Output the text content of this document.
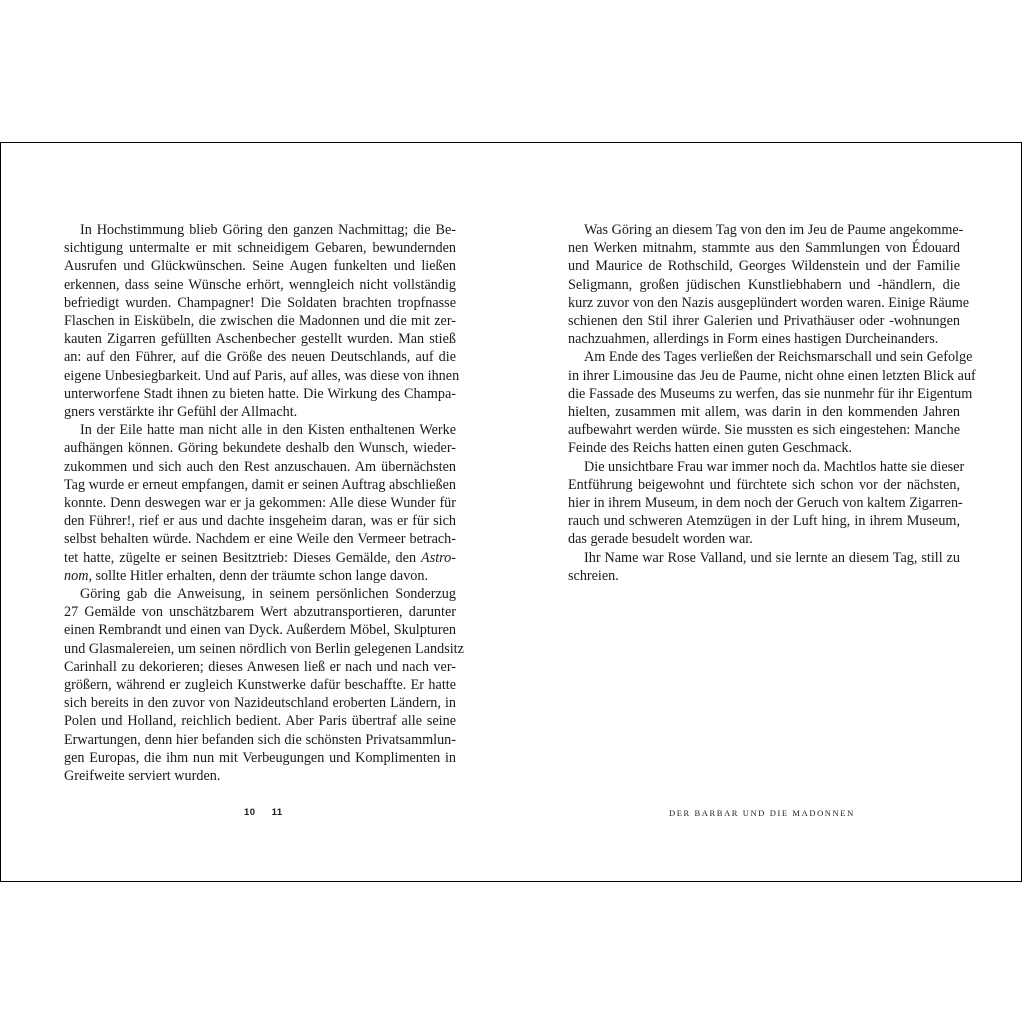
In Hochstimmung blieb Göring den ganzen Nachmittag; die Be-
sichtigung untermalte er mit schneidigem Gebaren, bewundernden
Ausrufen und Glückwünschen. Seine Augen funkelten und ließen
erkennen, dass seine Wünsche erhört, wenngleich nicht vollständig
befriedigt wurden. Champagner! Die Soldaten brachten tropfnasse
Flaschen in Eiskübeln, die zwischen die Madonnen und die mit zer-
kauten Zigarren gefüllten Aschenbecher gestellt wurden. Man stieß
an: auf den Führer, auf die Größe des neuen Deutschlands, auf die
eigene Unbesiegbarkeit. Und auf Paris, auf alles, was diese von ihnen
unterworfene Stadt ihnen zu bieten hatte. Die Wirkung des Champa-
gners verstärkte ihr Gefühl der Allmacht.
In der Eile hatte man nicht alle in den Kisten enthaltenen Werke
aufhängen können. Göring bekundete deshalb den Wunsch, wieder-
zukommen und sich auch den Rest anzuschauen. Am übernächsten
Tag wurde er erneut empfangen, damit er seinen Auftrag abschließen
konnte. Denn deswegen war er ja gekommen: Alle diese Wunder für
den Führer!, rief er aus und dachte insgeheim daran, was er für sich
selbst behalten würde. Nachdem er eine Weile den Vermeer betrach-
tet hatte, zügelte er seinen Besitztrieb: Dieses Gemälde, den Astro-
nom, sollte Hitler erhalten, denn der träumte schon lange davon.
Göring gab die Anweisung, in seinem persönlichen Sonderzug
27 Gemälde von unschätzbarem Wert abzutransportieren, darunter
einen Rembrandt und einen van Dyck. Außerdem Möbel, Skulpturen
und Glasmalereien, um seinen nördlich von Berlin gelegenen Landsitz
Carinhall zu dekorieren; dieses Anwesen ließ er nach und nach ver-
größern, während er zugleich Kunstwerke dafür beschaffte. Er hatte
sich bereits in den zuvor von Nazideutschland eroberten Ländern, in
Polen und Holland, reichlich bedient. Aber Paris übertraf alle seine
Erwartungen, denn hier befanden sich die schönsten Privatsammlun-
gen Europas, die ihm nun mit Verbeugungen und Komplimenten in
Greifweite serviert wurden.
Was Göring an diesem Tag von den im Jeu de Paume angekomme-
nen Werken mitnahm, stammte aus den Sammlungen von Édouard
und Maurice de Rothschild, Georges Wildenstein und der Familie
Seligmann, großen jüdischen Kunstliebhabern und -händlern, die
kurz zuvor von den Nazis ausgeplündert worden waren. Einige Räume
schienen den Stil ihrer Galerien und Privathäuser oder -wohnungen
nachzuahmen, allerdings in Form eines hastigen Durcheinanders.
Am Ende des Tages verließen der Reichsmarschall und sein Gefolge
in ihrer Limousine das Jeu de Paume, nicht ohne einen letzten Blick auf
die Fassade des Museums zu werfen, das sie nunmehr für ihr Eigentum
hielten, zusammen mit allem, was darin in den kommenden Jahren
aufbewahrt werden würde. Sie mussten es sich eingestehen: Manche
Feinde des Reichs hatten einen guten Geschmack.
Die unsichtbare Frau war immer noch da. Machtlos hatte sie dieser
Entführung beigewohnt und fürchtete sich schon vor der nächsten,
hier in ihrem Museum, in dem noch der Geruch von kaltem Zigarren-
rauch und schweren Atemzügen in der Luft hing, in ihrem Museum,
das gerade besudelt worden war.
Ihr Name war Rose Valland, und sie lernte an diesem Tag, still zu
schreien.
10 11	DER BARBAR UND DIE MADONNEN
